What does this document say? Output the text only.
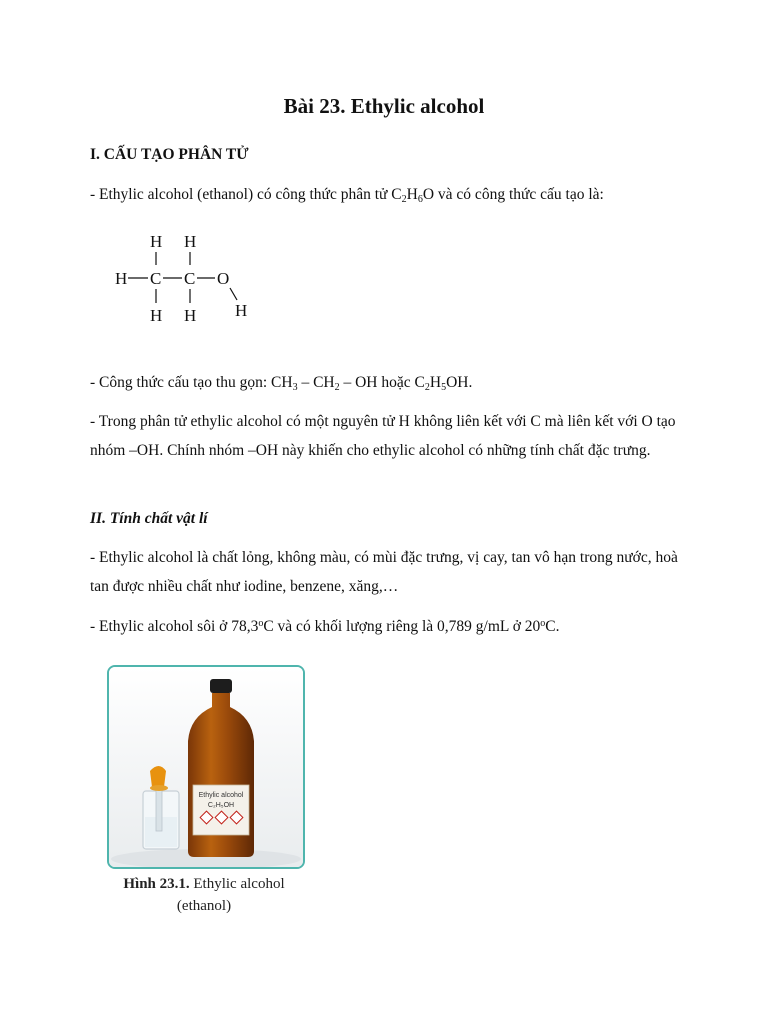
Bài 23. Ethylic alcohol

I. CẤU TẠO PHÂN TỬ

- Ethylic alcohol (ethanol) có công thức phân tử $C_2H_6O$ và có công thức cấu tạo là:

H H
H C C O
H H H

- Công thức cấu tạo thu gọn: $CH_3 - CH_2$ – OH hoặc $C_2H_5OH$.

- Trong phân tử ethylic alcohol có một nguyên tử H không liên kết với C mà liên kết với O tạo nhóm –OH. Chính nhóm –OH này khiến cho ethylic alcohol có những tính chất đặc trưng.

II. Tính chất vật lí

- Ethylic alcohol là chất lỏng, không màu, có mùi đặc trưng, vị cay, tan vô hạn trong nước, hoà tan được nhiều chất như iodine, benzene, xăng,…

- Ethylic alcohol sôi ở 78,3$^o$C và có khối lượng riêng là 0,789 g/mL ở 20$^o$C.

Ethylic alcohol
C₂H₅OH
Hình 23.1. Ethylic alcohol
(ethanol)
